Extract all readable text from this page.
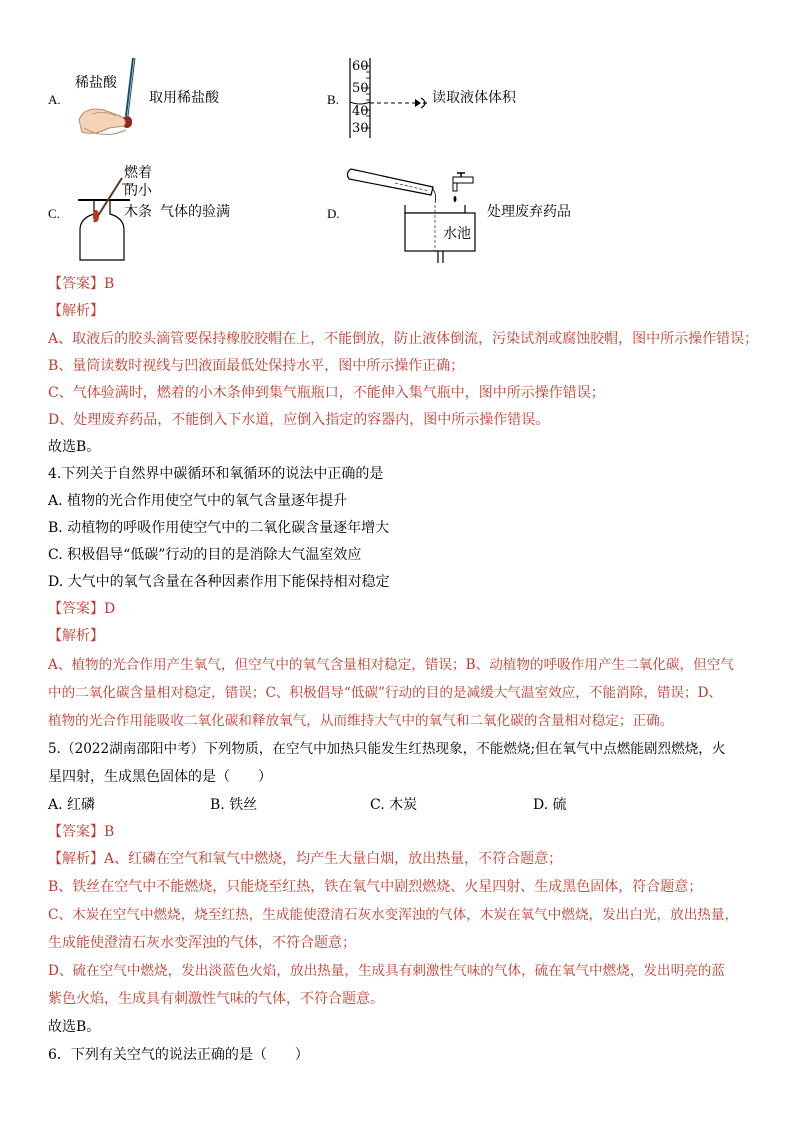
A.
稀盐酸
取用稀盐酸	B.
60
50
40
30
读取液体体积
C.
燃着
的小
木条 气体的验满	D.
水池
处理废弃药品
【答案】B
【解析】
A、取液后的胶头滴管要保持橡胶胶帽在上，不能倒放，防止液体倒流，污染试剂或腐蚀胶帽，图中所示操作错误；
B、量筒读数时视线与凹液面最低处保持水平，图中所示操作正确；
C、气体验满时，燃着的小木条伸到集气瓶瓶口，不能伸入集气瓶中，图中所示操作错误；
D、处理废弃药品，不能倒入下水道，应倒入指定的容器内，图中所示操作错误。
故选B。
4.下列关于自然界中碳循环和氧循环的说法中正确的是
A. 植物的光合作用使空气中的氧气含量逐年提升
B. 动植物的呼吸作用使空气中的二氧化碳含量逐年增大
C. 积极倡导“低碳”行动的目的是消除大气温室效应
D. 大气中的氧气含量在各种因素作用下能保持相对稳定
【答案】D
【解析】
A、植物的光合作用产生氧气，但空气中的氧气含量相对稳定，错误；B、动植物的呼吸作用产生二氧化碳，但空气
中的二氧化碳含量相对稳定，错误；C、积极倡导“低碳”行动的目的是减缓大气温室效应，不能消除，错误；D、
植物的光合作用能吸收二氧化碳和释放氧气，从而维持大气中的氧气和二氧化碳的含量相对稳定；正确。
5.（2022湖南邵阳中考）下列物质，在空气中加热只能发生红热现象，不能燃烧;但在氧气中点燃能剧烈燃烧，火
星四射，生成黑色固体的是（　　）
A. 红磷	B. 铁丝	C. 木炭	D. 硫
【答案】B
【解析】A、红磷在空气和氧气中燃烧，均产生大量白烟，放出热量，不符合题意；
B、铁丝在空气中不能燃烧，只能烧至红热，铁在氧气中剧烈燃烧、火星四射、生成黑色固体，符合题意；
C、木炭在空气中燃烧，烧至红热，生成能使澄清石灰水变浑浊的气体，木炭在氧气中燃烧，发出白光，放出热量，
生成能使澄清石灰水变浑浊的气体，不符合题意；
D、硫在空气中燃烧，发出淡蓝色火焰，放出热量，生成具有刺激性气味的气体，硫在氧气中燃烧，发出明亮的蓝
紫色火焰，生成具有刺激性气味的气体，不符合题意。
故选B。
6．下列有关空气的说法正确的是（　　）
